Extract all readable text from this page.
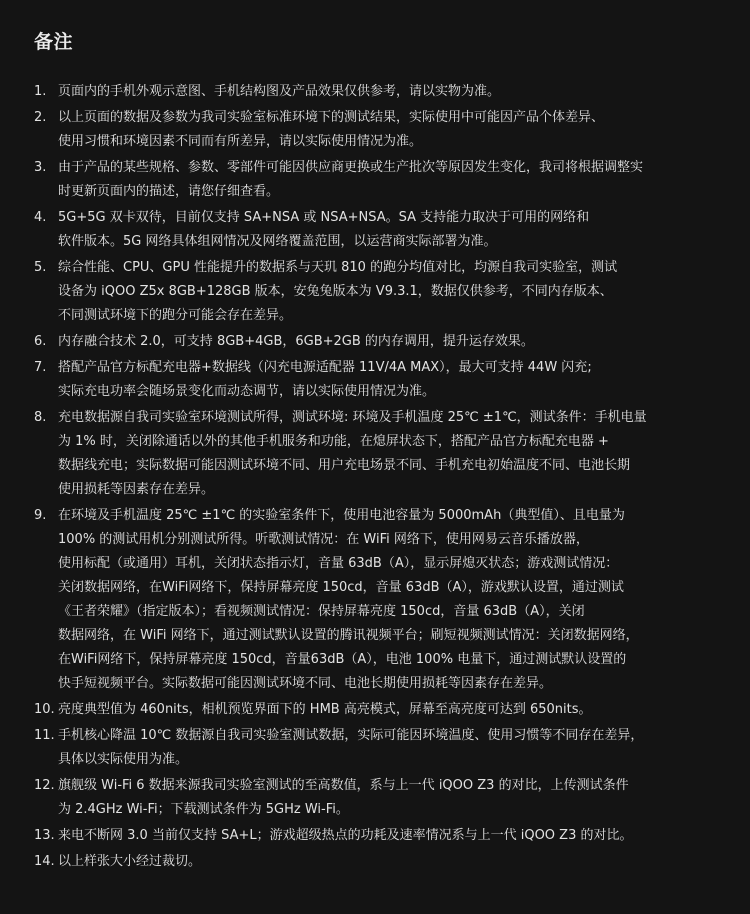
备注
1. 页面内的手机外观示意图、手机结构图及产品效果仅供参考，请以实物为准。
2. 以上页面的数据及参数为我司实验室标准环境下的测试结果，实际使用中可能因产品个体差异、
使用习惯和环境因素不同而有所差异，请以实际使用情况为准。
3. 由于产品的某些规格、参数、零部件可能因供应商更换或生产批次等原因发生变化，我司将根据调整实
时更新页面内的描述，请您仔细查看。
4. 5G+5G 双卡双待，目前仅支持 SA+NSA 或 NSA+NSA。SA 支持能力取决于可用的网络和
软件版本。5G 网络具体组网情况及网络覆盖范围，以运营商实际部署为准。
5. 综合性能、CPU、GPU 性能提升的数据系与天玑 810 的跑分均值对比，均源自我司实验室，测试
设备为 iQOO Z5x 8GB+128GB 版本，安兔兔版本为 V9.3.1，数据仅供参考，不同内存版本、
不同测试环境下的跑分可能会存在差异。
6. 内存融合技术 2.0，可支持 8GB+4GB，6GB+2GB 的内存调用，提升运存效果。
7. 搭配产品官方标配充电器+数据线（闪充电源适配器 11V/4A MAX），最大可支持 44W 闪充;
实际充电功率会随场景变化而动态调节，请以实际使用情况为准。
8. 充电数据源自我司实验室环境测试所得，测试环境: 环境及手机温度 25℃ ±1℃，测试条件：手机电量
为 1% 时，关闭除通话以外的其他手机服务和功能，在熄屏状态下，搭配产品官方标配充电器 +
数据线充电；实际数据可能因测试环境不同、用户充电场景不同、手机充电初始温度不同、电池长期
使用损耗等因素存在差异。
9. 在环境及手机温度 25℃ ±1℃ 的实验室条件下，使用电池容量为 5000mAh（典型值）、且电量为
100% 的测试用机分别测试所得。听歌测试情况：在 WiFi 网络下，使用网易云音乐播放器，
使用标配（或通用）耳机，关闭状态指示灯，音量 63dB（A），显示屏熄灭状态；游戏测试情况：
关闭数据网络，在WiFi网络下，保持屏幕亮度 150cd，音量 63dB（A），游戏默认设置，通过测试
《王者荣耀》（指定版本）；看视频测试情况：保持屏幕亮度 150cd，音量 63dB（A），关闭
数据网络，在 WiFi 网络下，通过测试默认设置的腾讯视频平台；刷短视频测试情况：关闭数据网络，
在WiFi网络下，保持屏幕亮度 150cd，音量63dB（A），电池 100% 电量下，通过测试默认设置的
快手短视频平台。实际数据可能因测试环境不同、电池长期使用损耗等因素存在差异。
10. 亮度典型值为 460nits，相机预览界面下的 HMB 高亮模式，屏幕至高亮度可达到 650nits。
11. 手机核心降温 10℃ 数据源自我司实验室测试数据，实际可能因环境温度、使用习惯等不同存在差异，
具体以实际使用为准。
12. 旗舰级 Wi-Fi 6 数据来源我司实验室测试的至高数值，系与上一代 iQOO Z3 的对比，上传测试条件
为 2.4GHz Wi-Fi；下载测试条件为 5GHz Wi-Fi。
13. 来电不断网 3.0 当前仅支持 SA+L；游戏超级热点的功耗及速率情况系与上一代 iQOO Z3 的对比。
14. 以上样张大小经过裁切。
